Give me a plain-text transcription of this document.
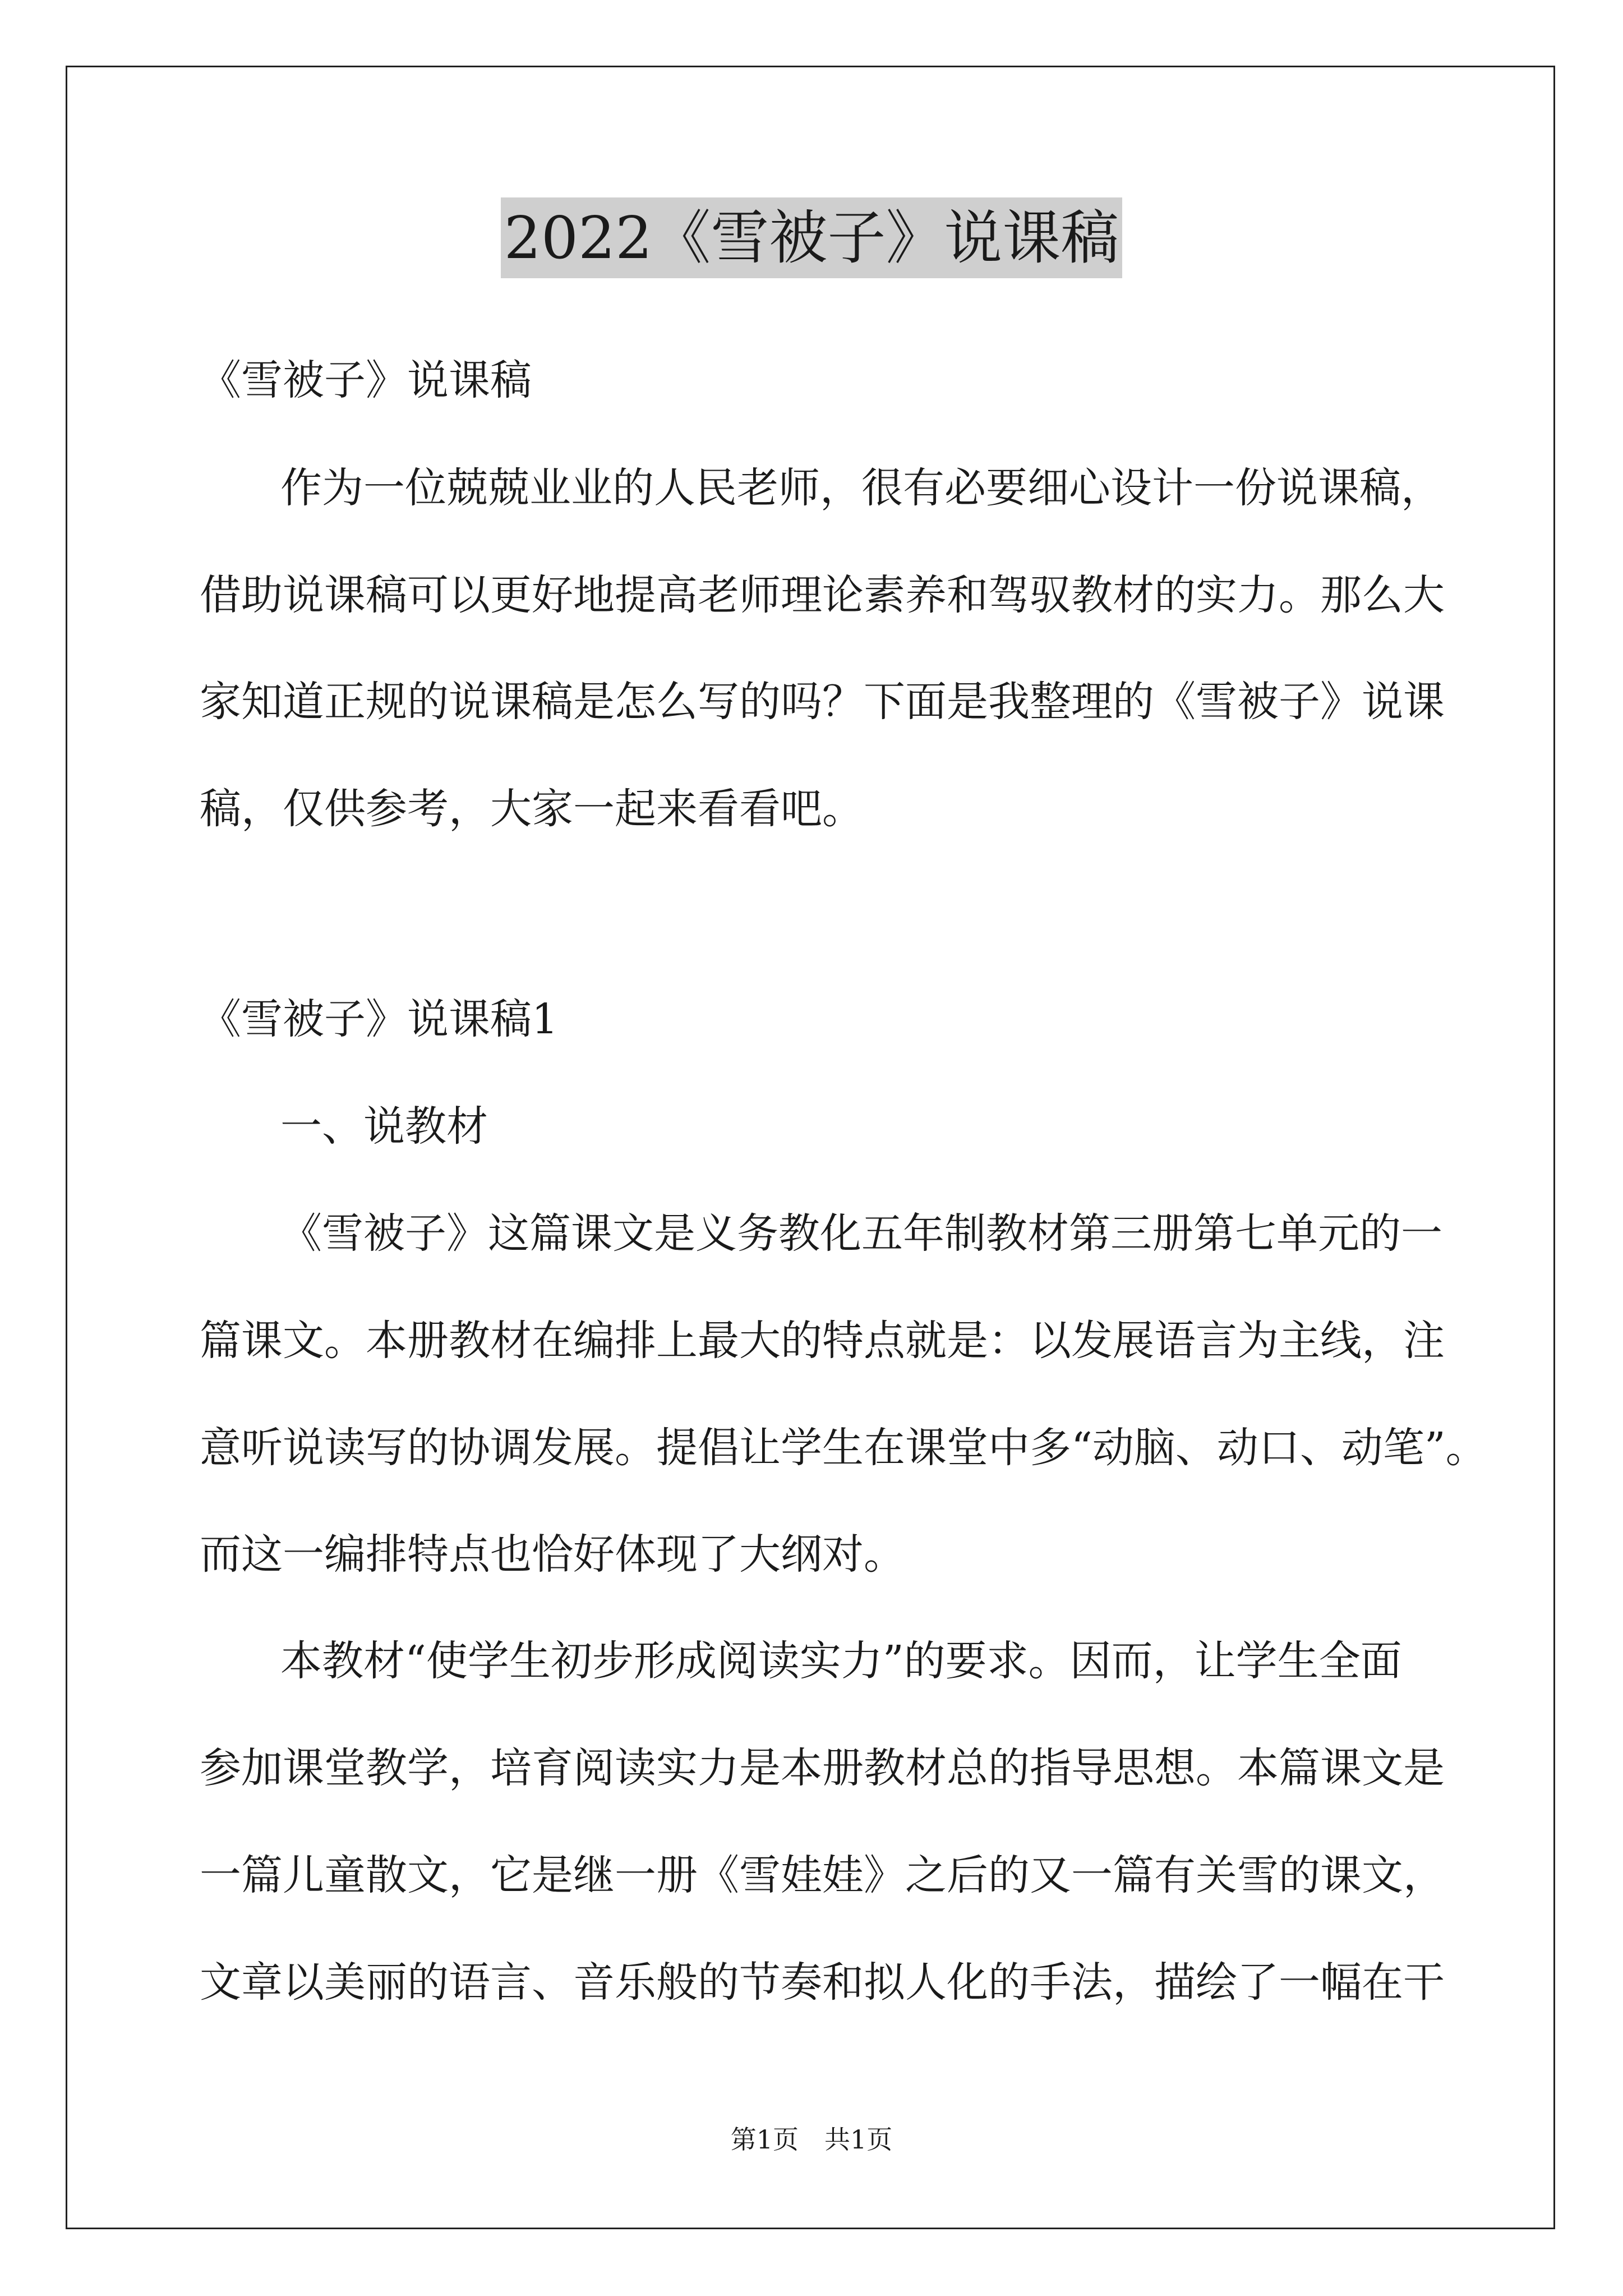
2022《雪被子》说课稿
《雪被子》说课稿
作为一位兢兢业业的人民老师，很有必要细心设计一份说课稿，
借助说课稿可以更好地提高老师理论素养和驾驭教材的实力。那么大
家知道正规的说课稿是怎么写的吗？下面是我整理的《雪被子》说课
稿，仅供参考，大家一起来看看吧。
《雪被子》说课稿1
一、说教材
《雪被子》这篇课文是义务教化五年制教材第三册第七单元的一
篇课文。本册教材在编排上最大的特点就是：以发展语言为主线，注
意听说读写的协调发展。提倡让学生在课堂中多“动脑、动口、动笔”。
而这一编排特点也恰好体现了大纲对。
本教材“使学生初步形成阅读实力”的要求。因而，让学生全面
参加课堂教学，培育阅读实力是本册教材总的指导思想。本篇课文是
一篇儿童散文，它是继一册《雪娃娃》之后的又一篇有关雪的课文，
文章以美丽的语言、音乐般的节奏和拟人化的手法，描绘了一幅在干
第1页　共1页
